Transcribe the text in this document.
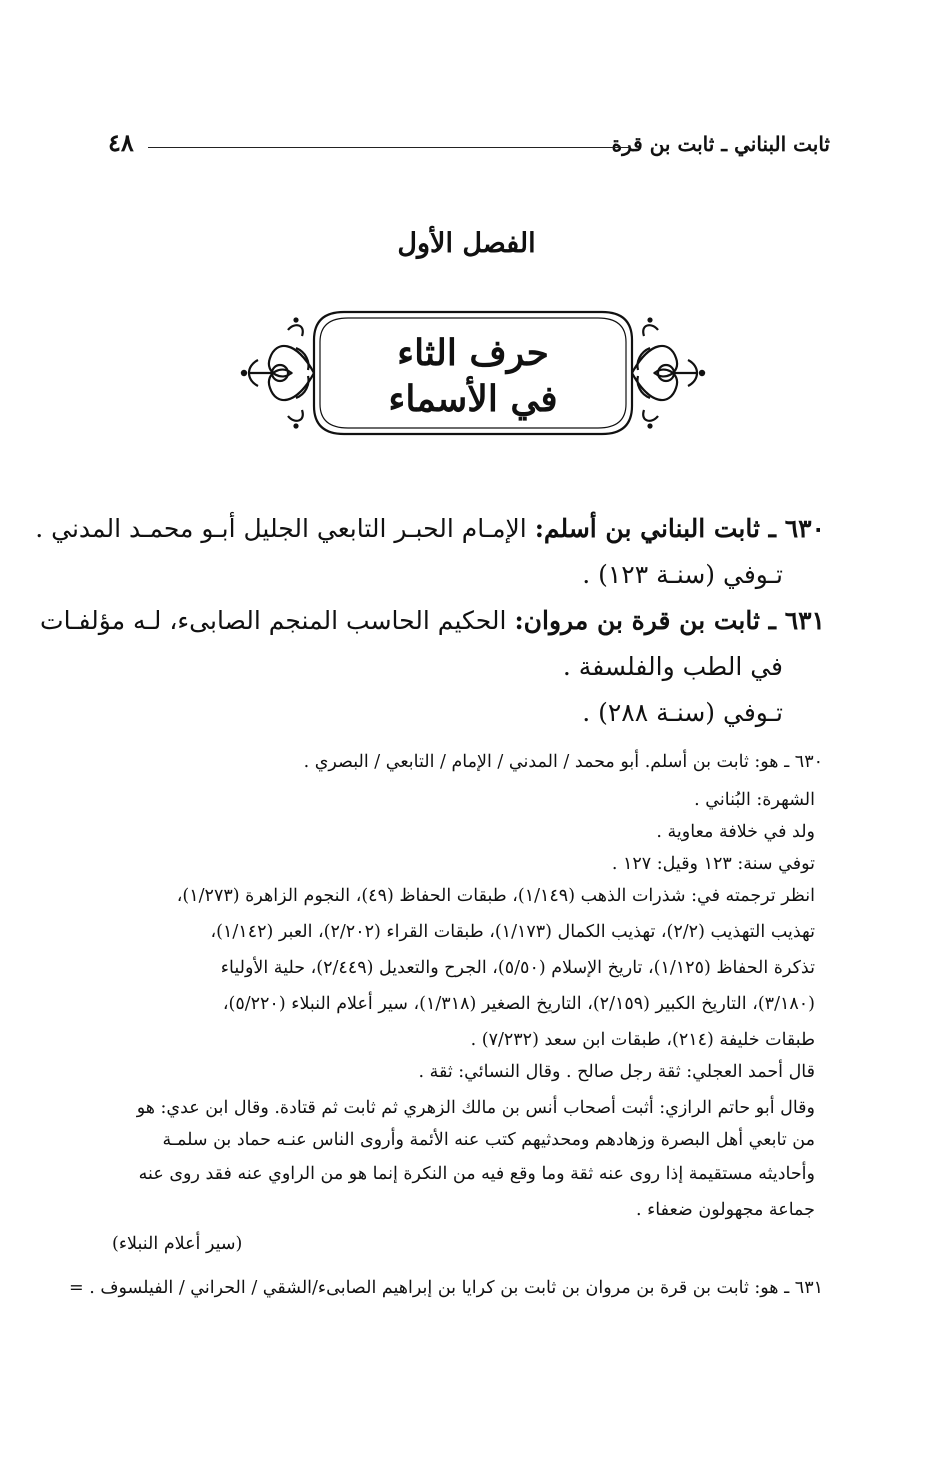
ثابت البناني ـ ثابت بن قرة
٤٨
الفصل الأول
حرف الثاء
في الأسماء
٦٣٠ ـ ثابت البناني بن أسلم: الإمـام الحبـر التابعي الجليل أبـو محمـد المدني .
تـوفي (سنـة ١٢٣) .
٦٣١ ـ ثابت بن قرة بن مروان: الحكيم الحاسب المنجم الصابىء، لـه مؤلفـات
في الطب والفلسفة .
تـوفي (سنـة ٢٨٨) .
٦٣٠ ـ هو: ثابت بن أسلم. أبو محمد / المدني / الإمام / التابعي / البصري .
الشهرة: البُناني .
ولد في خلافة معاوية .
توفي سنة: ١٢٣ وقيل: ١٢٧ .
انظر ترجمته في: شذرات الذهب (١/١٤٩)، طبقات الحفاظ (٤٩)، النجوم الزاهرة (١/٢٧٣)،
تهذيب التهذيب (٢/٢)، تهذيب الكمال (١/١٧٣)، طبقات القراء (٢/٢٠٢)، العبر (١/١٤٢)،
تذكرة الحفاظ (١/١٢٥)، تاريخ الإسلام (٥/٥٠)، الجرح والتعديل (٢/٤٤٩)، حلية الأولياء
(٣/١٨٠)، التاريخ الكبير (٢/١٥٩)، التاريخ الصغير (١/٣١٨)، سير أعلام النبلاء (٥/٢٢٠)،
طبقات خليفة (٢١٤)، طبقات ابن سعد (٧/٢٣٢) .
قال أحمد العجلي: ثقة رجل صالح . وقال النسائي: ثقة .
وقال أبو حاتم الرازي: أثبت أصحاب أنس بن مالك الزهري ثم ثابت ثم قتادة. وقال ابن عدي: هو
من تابعي أهل البصرة وزهادهم ومحدثيهم كتب عنه الأئمة وأروى الناس عنـه حماد بن سلمـة
وأحاديثه مستقيمة إذا روى عنه ثقة وما وقع فيه من النكرة إنما هو من الراوي عنه فقد روى عنه
جماعة مجهولون ضعفاء .
(سير أعلام النبلاء)
٦٣١ ـ هو: ثابت بن قرة بن مروان بن ثابت بن كرايا بن إبراهيم الصابىء/الشقي / الحراني / الفيلسوف . =
